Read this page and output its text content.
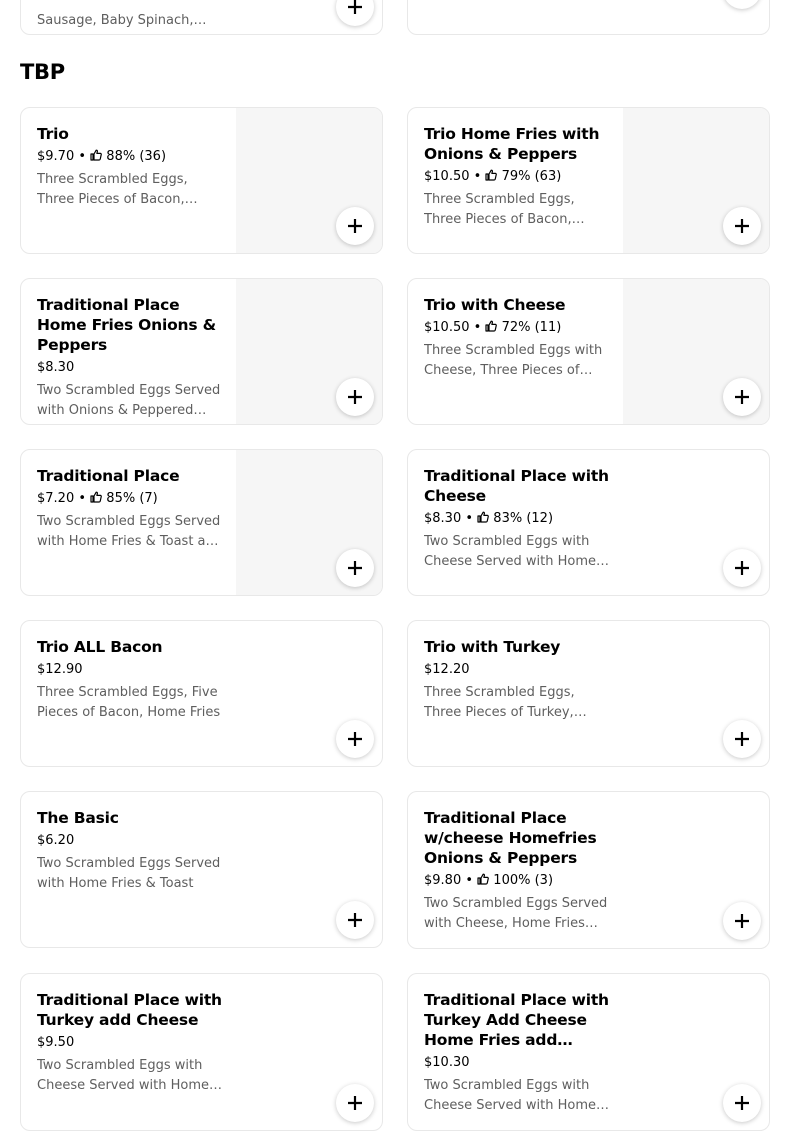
Sausage, Baby Spinach,…
TBP
Trio
$9.70 •  88% (36)
Three Scrambled Eggs, Three Pieces of Bacon,
Trio Home Fries with Onions & Peppers
$10.50 •  79% (63)
Three Scrambled Eggs, Three Pieces of Bacon,
Traditional Place Home Fries Onions & Peppers
$8.30
Two Scrambled Eggs Served with Onions & Peppered
Trio with Cheese
$10.50 •  72% (11)
Three Scrambled Eggs with Cheese, Three Pieces of
Traditional Place
$7.20 •  85% (7)
Two Scrambled Eggs Served with Home Fries & Toast and
Traditional Place with Cheese
$8.30 •  83% (12)
Two Scrambled Eggs with Cheese Served with Home
Trio ALL Bacon
$12.90
Three Scrambled Eggs, Five Pieces of Bacon, Home Fries
Trio with Turkey
$12.20
Three Scrambled Eggs, Three Pieces of Turkey,
The Basic
$6.20
Two Scrambled Eggs Served with Home Fries & Toast
Traditional Place w/cheese Homefries Onions & Peppers
$9.80 •  100% (3)
Two Scrambled Eggs Served with Cheese, Home Fries
Traditional Place with Turkey add Cheese
$9.50
Two Scrambled Eggs with Cheese Served with Home
Traditional Place with Turkey Add Cheese Home Fries add
$10.30
Two Scrambled Eggs with Cheese Served with Home
